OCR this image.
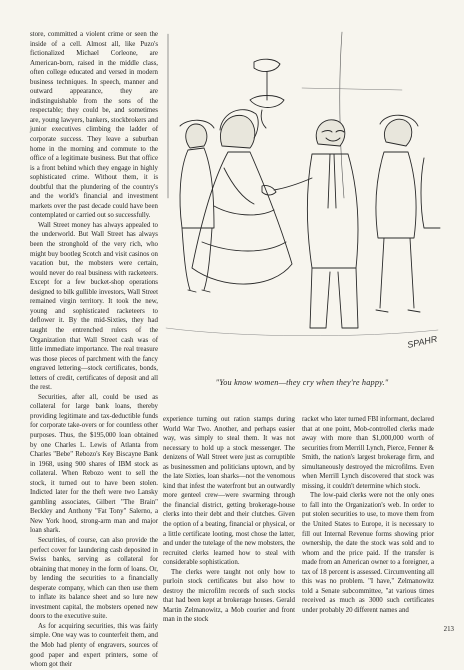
store, committed a violent crime or seen the inside of a cell. Almost all, like Puzo's fictionalized Michael Corleone, are American-born, raised in the middle class, often college educated and versed in modern business techniques. In speech, manner and outward appearance, they are indistinguishable from the sons of the respectable; they could be, and sometimes are, young lawyers, bankers, stockbrokers and junior executives climbing the ladder of corporate success. They leave a suburban home in the morning and commute to the office of a legitimate business. But that office is a front behind which they engage in highly sophisticated crime. Without them, it is doubtful that the plundering of the country's and the world's financial and investment markets over the past decade could have been contemplated or carried out so successfully.

Wall Street money has always appealed to the underworld. But Wall Street has always been the stronghold of the very rich, who might buy bootleg Scotch and visit casinos on vacation but, the mobsters were certain, would never do real business with racketeers. Except for a few bucket-shop operations designed to bilk gullible investors, Wall Street remained virgin territory. It took the new, young and sophisticated racketeers to deflower it. By the mid-Sixties, they had taught the entrenched rulers of the Organization that Wall Street cash was of little immediate importance. The real treasure was those pieces of parchment with the fancy engraved lettering—stock certificates, bonds, letters of credit, certificates of deposit and all the rest.

Securities, after all, could be used as collateral for large bank loans, thereby providing legitimate and tax-deductible funds for corporate take-overs or for countless other purposes. Thus, the $195,000 loan obtained by one Charles L. Lewis of Atlanta from Charles "Bebe" Rebozo's Key Biscayne Bank in 1968, using 900 shares of IBM stock as collateral. When Rebozo went to sell the stock, it turned out to have been stolen. Indicted later for the theft were two Lansky gambling associates, Gilbert "The Brain" Beckley and Anthony "Fat Tony" Salerno, a New York hood, strong-arm man and major loan shark.

Securities, of course, can also provide the perfect cover for laundering cash deposited in Swiss banks, serving as collateral for obtaining that money in the form of loans. Or, by lending the securities to a financially desperate company, which can then use them to inflate its balance sheet and so lure new investment capital, the mobsters opened new doors to the executive suite.

As for acquiring securities, this was fairly simple. One way was to counterfeit them, and the Mob had plenty of engravers, sources of good paper and expert printers, some of whom got their

SPAHR
"You know women—they cry when they're happy."

experience turning out ration stamps during World War Two. Another, and perhaps easier way, was simply to steal them. It was not necessary to hold up a stock messenger. The denizens of Wall Street were just as corruptible as businessmen and politicians uptown, and by the late Sixties, loan sharks—not the venomous kind that infest the waterfront but an outwardly more genteel crew—were swarming through the financial district, getting brokerage-house clerks into their debt and their clutches. Given the option of a beating, financial or physical, or a little certificate looting, most chose the latter, and under the tutelage of the new mobsters, the recruited clerks learned how to steal with considerable sophistication.

The clerks were taught not only how to purloin stock certificates but also how to destroy the microfilm records of such stocks that had been kept at brokerage houses. Gerald Martin Zelmanowitz, a Mob courier and front man in the stock

racket who later turned FBI informant, declared that at one point, Mob-controlled clerks made away with more than $1,000,000 worth of securities from Merrill Lynch, Pierce, Fenner & Smith, the nation's largest brokerage firm, and simultaneously destroyed the microfilms. Even when Merrill Lynch discovered that stock was missing, it couldn't determine which stock.

The low-paid clerks were not the only ones to fall into the Organization's web. In order to put stolen securities to use, to move them from the United States to Europe, it is necessary to fill out Internal Revenue forms showing prior ownership, the date the stock was sold and to whom and the price paid. If the transfer is made from an American owner to a foreigner, a tax of 18 percent is assessed. Circumventing all this was no problem. "I have," Zelmanowitz told a Senate subcommittee, "at various times received as much as 3000 such certificates under probably 20 different names and

213
